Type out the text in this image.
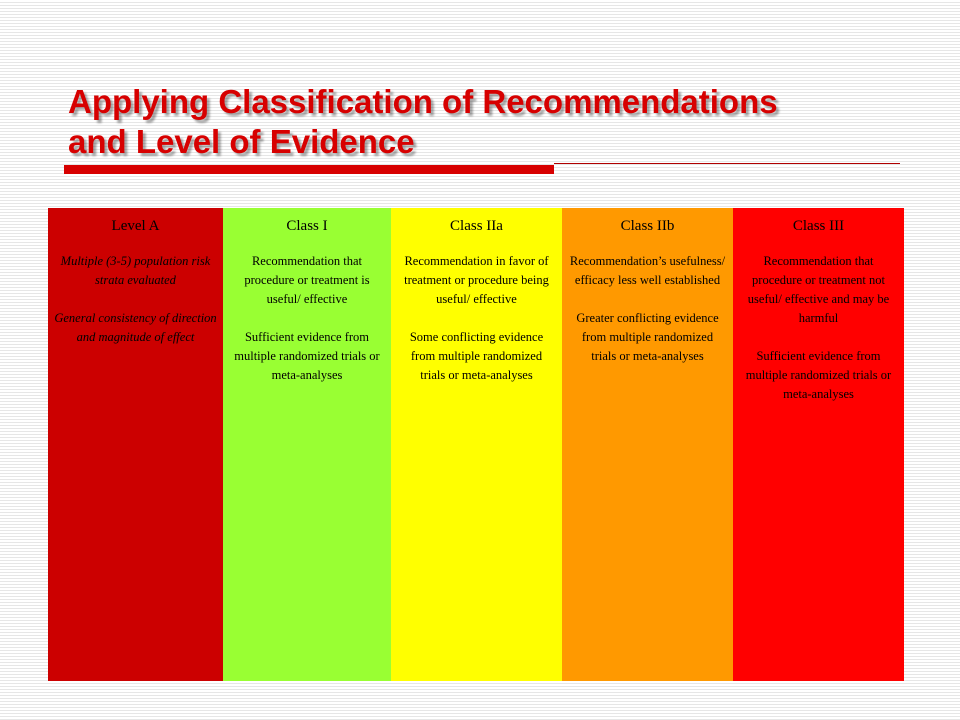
Applying Classification of Recommendations
and Level of Evidence
Level A

Multiple (3-5) population risk strata evaluated

General consistency of direction and magnitude of effect

Class I

Recommendation that procedure or treatment is useful/ effective

Sufficient evidence from multiple randomized trials or meta-analyses

Class IIa

Recommendation in favor of treatment or procedure being useful/ effective

Some conflicting evidence from multiple randomized trials or meta-analyses

Class IIb

Recommendation’s usefulness/ efficacy less well established

Greater conflicting evidence from multiple randomized trials or meta-analyses

Class III

Recommendation that procedure or treatment not useful/ effective and may be harmful

Sufficient evidence from multiple randomized trials or meta-analyses
